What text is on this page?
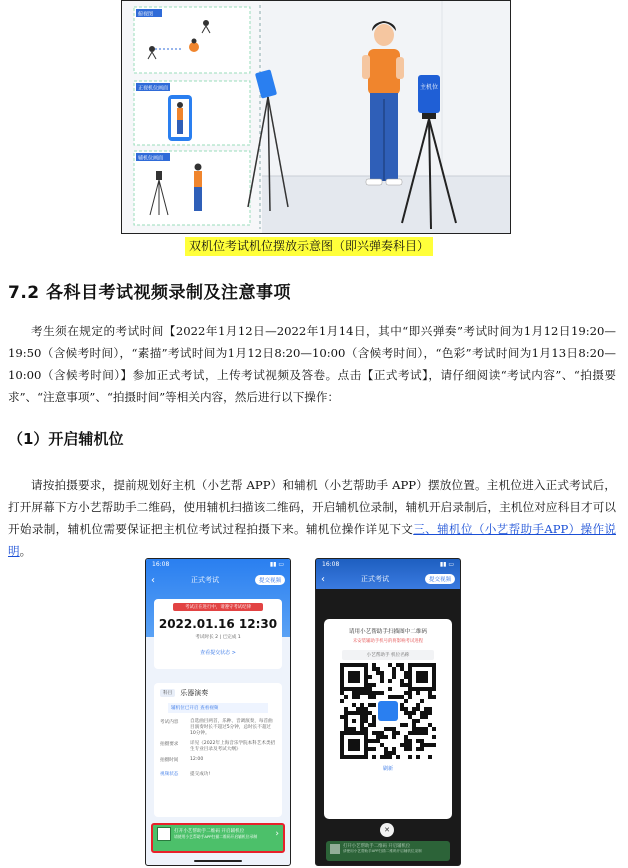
俯视图
正视机位画面
辅机位画面
主机位
双机位考试机位摆放示意图（即兴弹奏科目）
7.2 各科目考试视频录制及注意事项
考生须在规定的考试时间【2022年1月12日—2022年1月14日，其中“即兴弹奏”考试时间为1月12日19:20—19:50（含候考时间），“素描”考试时间为1月12日8:20—10:00（含候考时间），“色彩”考试时间为1月13日8:20—10:00（含候考时间）】参加正式考试，上传考试视频及答卷。点击【正式考试】，请仔细阅读“考试内容”、“拍摄要求”、“注意事项”、“拍摄时间”等相关内容，然后进行以下操作：
（1）开启辅机位
请按拍摄要求，提前规划好主机（小艺帮 APP）和辅机（小艺帮助手 APP）摆放位置。主机位进入正式考试后，打开屏幕下方小艺帮助手二维码，使用辅机扫描该二维码，开启辅机位录制，辅机开启录制后，主机位对应科目才可以开始录制，辅机位需要保证把主机位考试过程拍摄下来。辅机位操作详见下文三、辅机位（小艺帮助手APP）操作说明。
16:08	▮▮ ▭
‹	正式考试	提交视频
考试正在进行中，请遵守考试纪律
2022.01.16 12:30
考试时长 2 | 已完成 1
查看提交状态 >
科目	乐器演奏
辅机位已开启 查看视频
考试内容	自选曲目两首，乐种、音调演奏，每首曲目演奏时长不超过5分钟，总时长不超过10分钟。
拍摄要求	详见《2022年上海音乐学院本科艺术类招生专业目录及考试大纲》
拍摄时间	12:00
视频状态	提交成功!
打开小艺帮助手二维码 开启辅机位
请使用小艺帮助手APP扫描二维码开启辅机位录制 ›
16:08	▮▮ ▭
‹	正式考试	提交视频
请用小艺帮助手扫描图中二维码
未安装辅助手机号的将影响考试进程
小艺帮助手 机位名称
刷新
✕
打开小艺帮助手二维码 开启辅机位
请使用小艺帮助手APP扫描二维码开启辅机位录制
